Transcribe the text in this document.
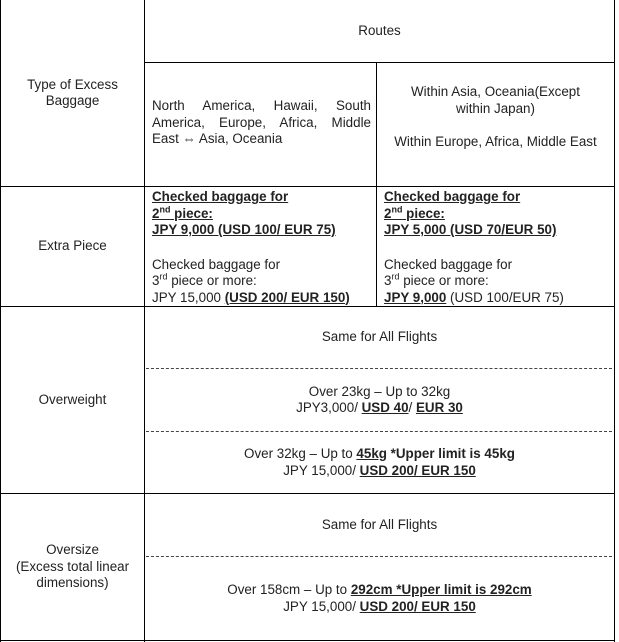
Routes
Type of Excess Baggage	North America, Hawaii, South
America, Europe, Africa, Middle
East ⇔ Asia, Oceania
Within Asia, Oceania(Except
within Japan)
Within Europe, Africa, Middle East
Extra Piece
Checked baggage for
2nd piece:
JPY 9,000 (USD 100/ EUR 75)
Checked baggage for
3rd piece or more:
JPY 15,000 (USD 200/ EUR 150)
Checked baggage for
2nd piece:
JPY 5,000 (USD 70/EUR 50)
Checked baggage for
3rd piece or more:
JPY 9,000 (USD 100/EUR 75)
Overweight
Same for All Flights
Over 23kg – Up to 32kg
JPY3,000/ USD 40/ EUR 30
Over 32kg – Up to 45kg *Upper limit is 45kg
JPY 15,000/ USD 200/ EUR 150
Oversize
(Excess total linear
dimensions)
Same for All Flights
Over 158cm – Up to 292cm *Upper limit is 292cm
JPY 15,000/ USD 200/ EUR 150
